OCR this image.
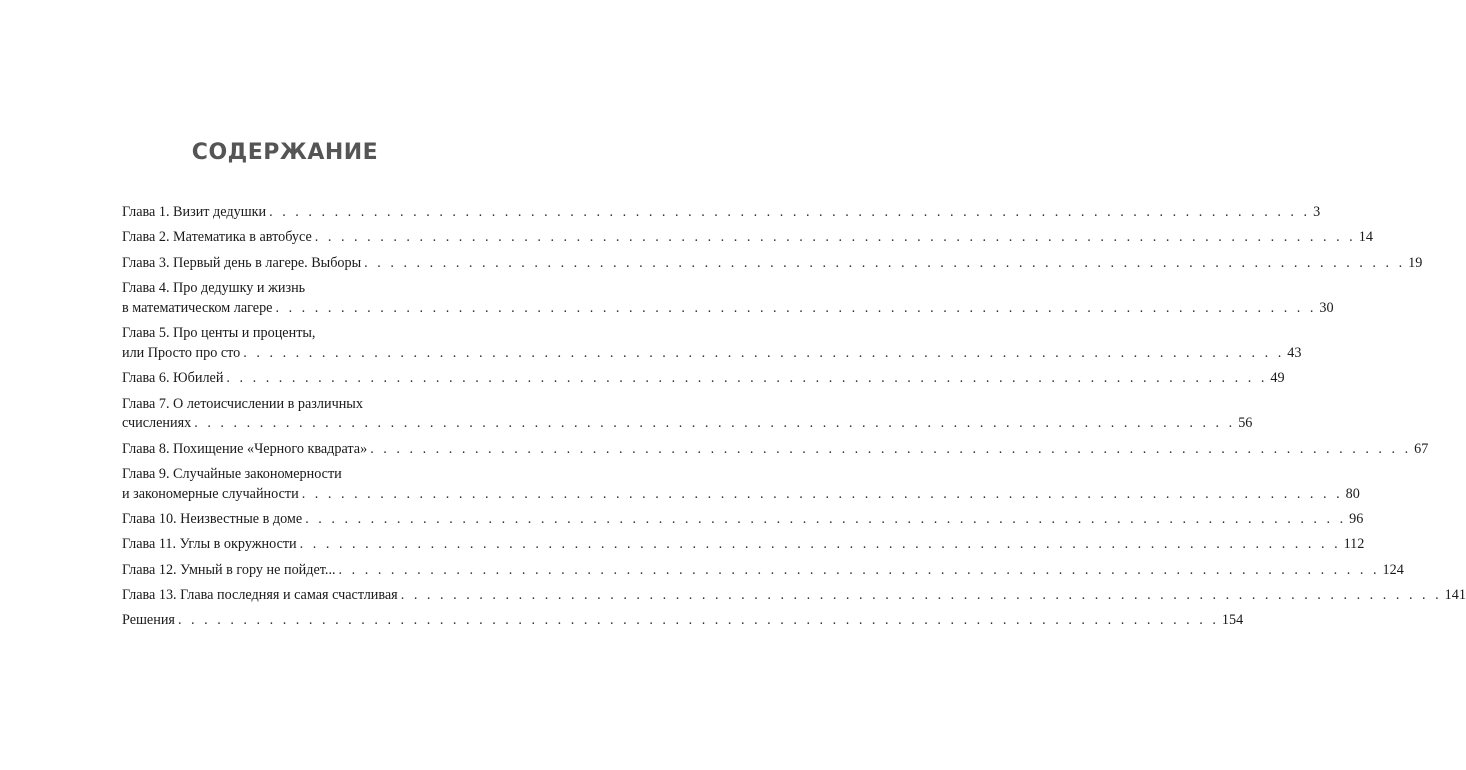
СОДЕРЖАНИЕ
Глава 1. Визит дедушки . . . . . . . . . . . . . . . . . . . . . . . . . . . . . . . . . . . . . . . . . . . . . . . . . . . . . . . . . . . . . . . . . . . . . . . . . . . . . . . . 3
Глава 2. Математика в автобусе . . . . . . . . . . . . . . . . . . . . . . . . . . . . . . . . . . . . . . . . . . . . . . . . . . . . . . . . . . . . . . . . . . . . . . . . . . . . . . . . 14
Глава 3. Первый день в лагере. Выборы . . . . . . . . . . . . . . . . . . . . . . . . . . . . . . . . . . . . . . . . . . . . . . . . . . . . . . . . . . . . . . . . . . . . . . . . . . . . . . . . 19
Глава 4. Про дедушку и жизнь
в математическом лагере . . . . . . . . . . . . . . . . . . . . . . . . . . . . . . . . . . . . . . . . . . . . . . . . . . . . . . . . . . . . . . . . . . . . . . . . . . . . . . . . 30
Глава 5. Про центы и проценты,
или Просто про сто . . . . . . . . . . . . . . . . . . . . . . . . . . . . . . . . . . . . . . . . . . . . . . . . . . . . . . . . . . . . . . . . . . . . . . . . . . . . . . . . 43
Глава 6. Юбилей . . . . . . . . . . . . . . . . . . . . . . . . . . . . . . . . . . . . . . . . . . . . . . . . . . . . . . . . . . . . . . . . . . . . . . . . . . . . . . . . 49
Глава 7. О летоисчислении в различных
счислениях . . . . . . . . . . . . . . . . . . . . . . . . . . . . . . . . . . . . . . . . . . . . . . . . . . . . . . . . . . . . . . . . . . . . . . . . . . . . . . . . 56
Глава 8. Похищение «Черного квадрата» . . . . . . . . . . . . . . . . . . . . . . . . . . . . . . . . . . . . . . . . . . . . . . . . . . . . . . . . . . . . . . . . . . . . . . . . . . . . . . . . 67
Глава 9. Случайные закономерности
и закономерные случайности . . . . . . . . . . . . . . . . . . . . . . . . . . . . . . . . . . . . . . . . . . . . . . . . . . . . . . . . . . . . . . . . . . . . . . . . . . . . . . . . 80
Глава 10. Неизвестные в доме . . . . . . . . . . . . . . . . . . . . . . . . . . . . . . . . . . . . . . . . . . . . . . . . . . . . . . . . . . . . . . . . . . . . . . . . . . . . . . . . 96
Глава 11. Углы в окружности . . . . . . . . . . . . . . . . . . . . . . . . . . . . . . . . . . . . . . . . . . . . . . . . . . . . . . . . . . . . . . . . . . . . . . . . . . . . . . . . 112
Глава 12. Умный в гору не пойдет... . . . . . . . . . . . . . . . . . . . . . . . . . . . . . . . . . . . . . . . . . . . . . . . . . . . . . . . . . . . . . . . . . . . . . . . . . . . . . . . . 124
Глава 13. Глава последняя и самая счастливая . . . . . . . . . . . . . . . . . . . . . . . . . . . . . . . . . . . . . . . . . . . . . . . . . . . . . . . . . . . . . . . . . . . . . . . . . . . . . . . . 141
Решения . . . . . . . . . . . . . . . . . . . . . . . . . . . . . . . . . . . . . . . . . . . . . . . . . . . . . . . . . . . . . . . . . . . . . . . . . . . . . . . . 154
